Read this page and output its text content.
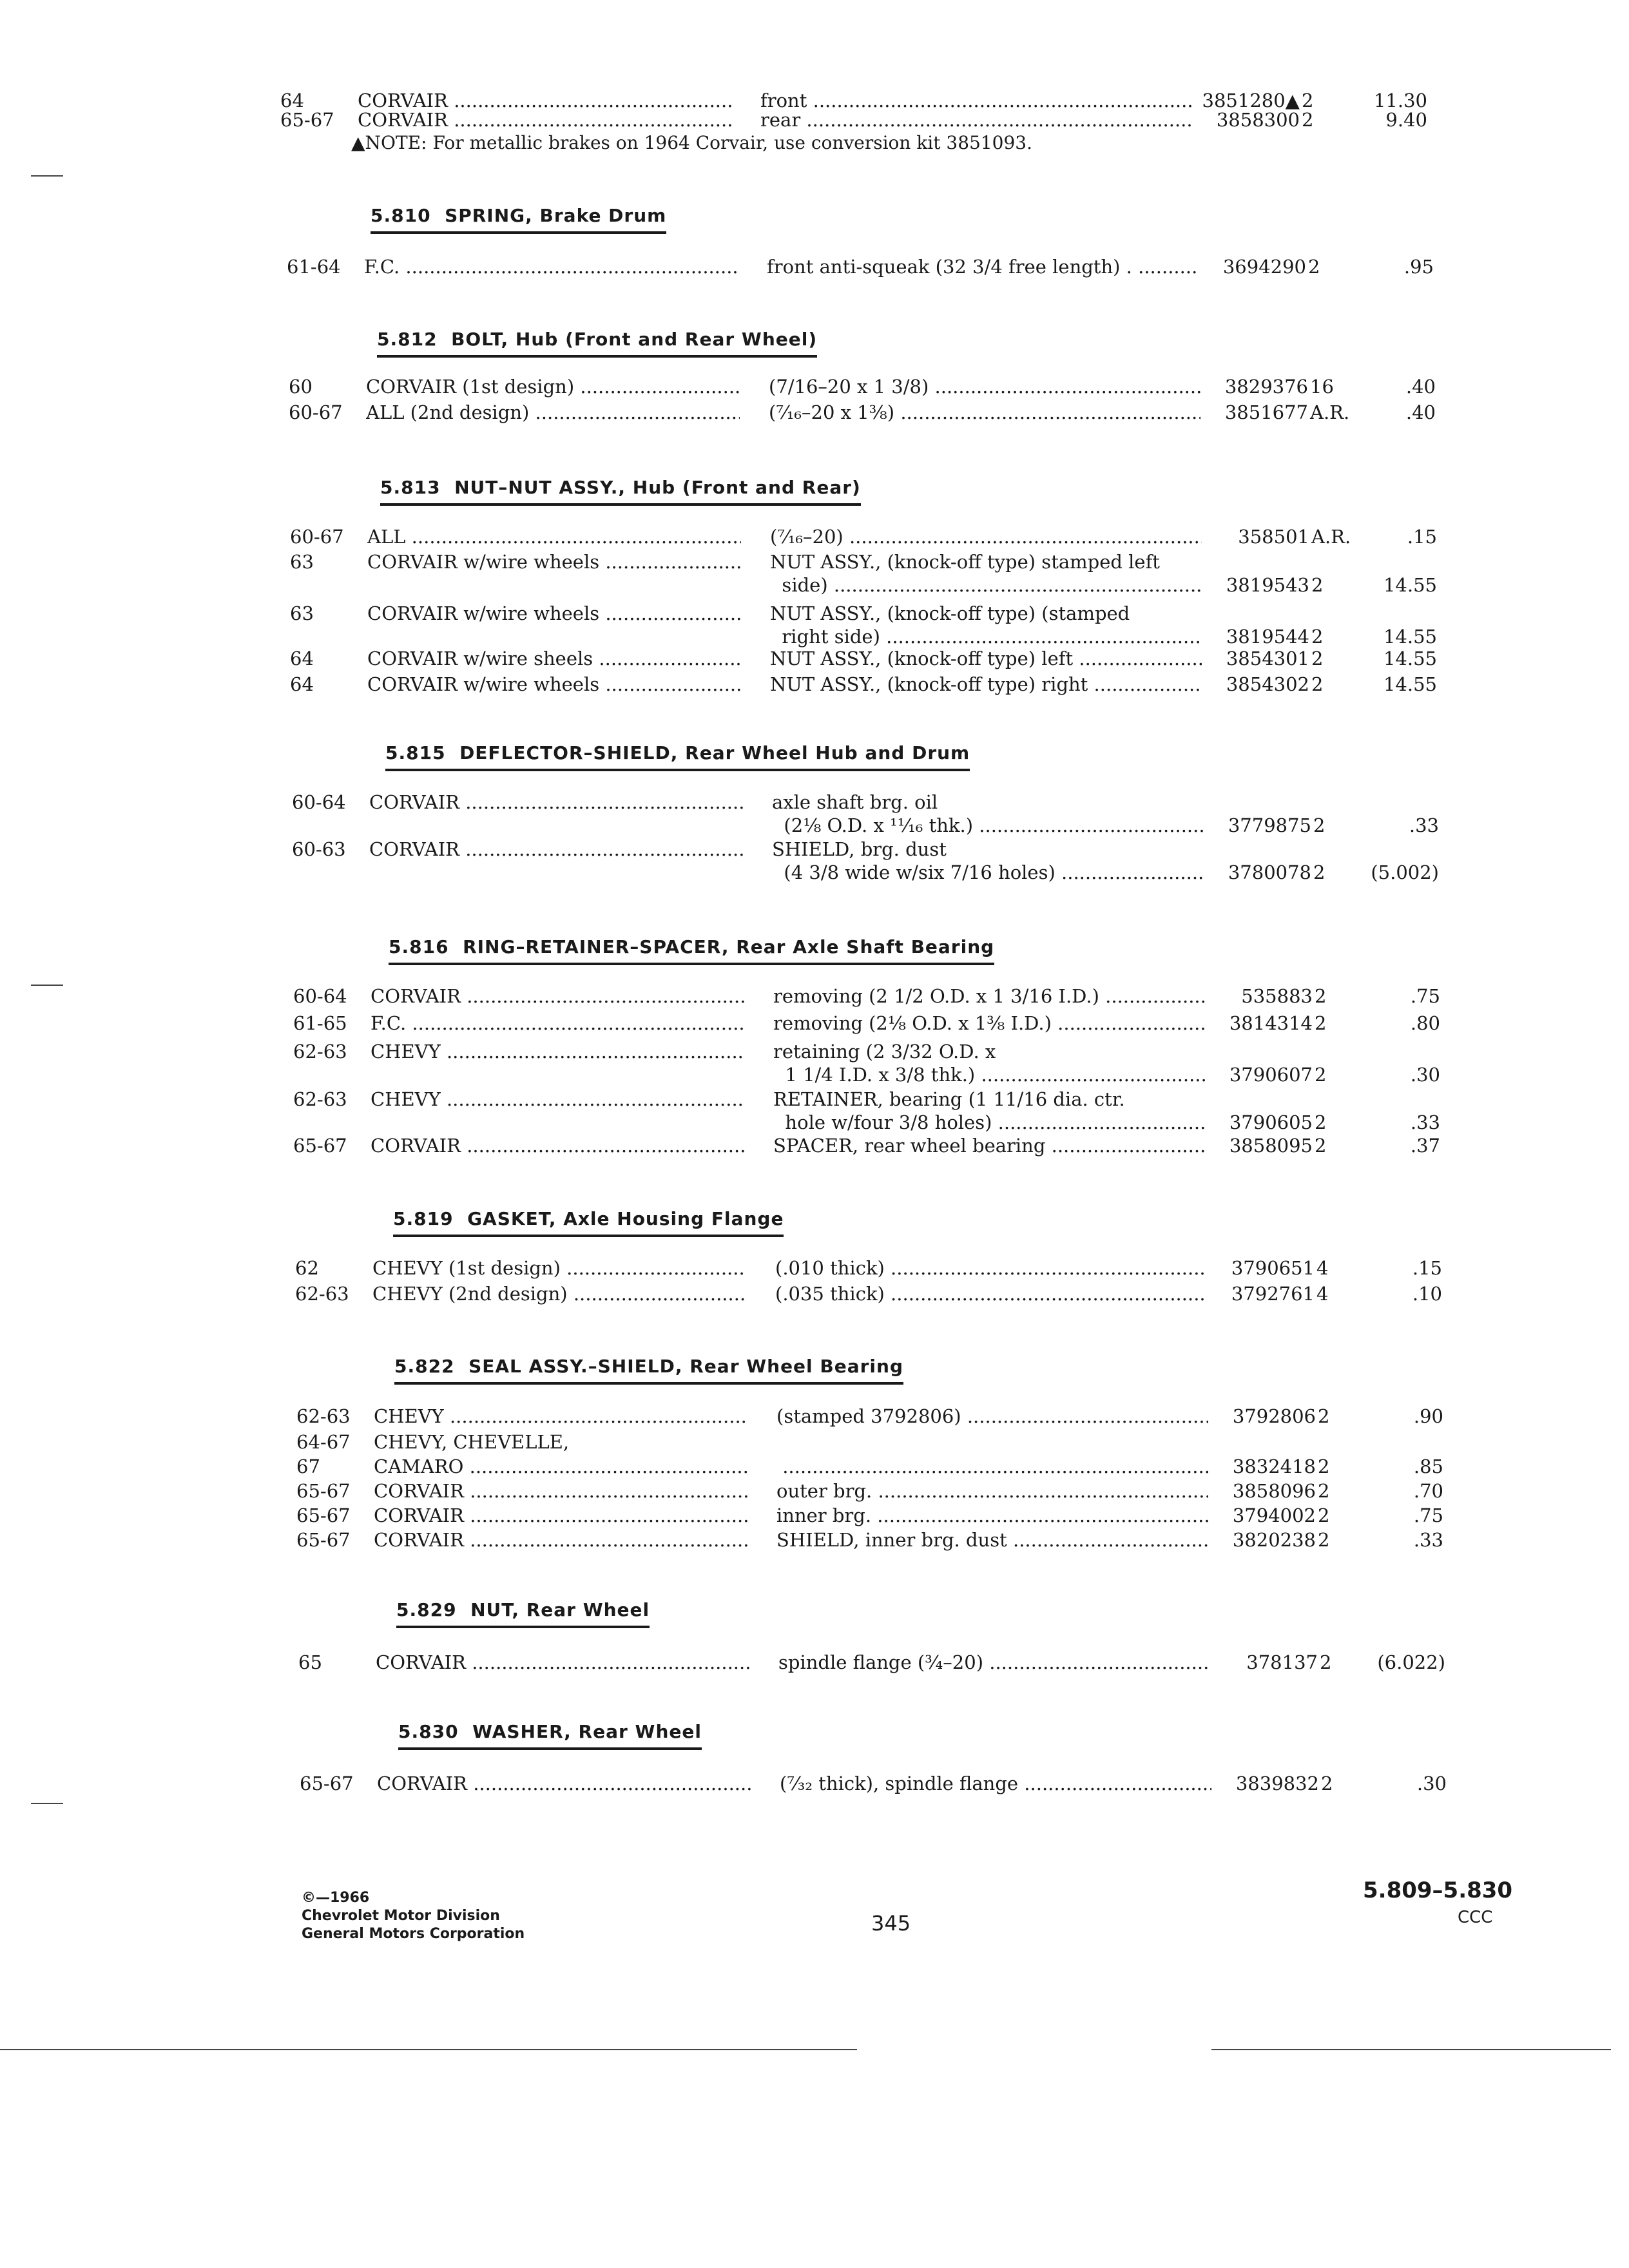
64	CORVAIR .....	front .....	3851280▲ 2	11.30
65-67	CORVAIR .....	rear .....	3858300 2	9.40
▲NOTE: For metallic brakes on 1964 Corvair, use conversion kit 3851093.
5.810  SPRING, Brake Drum
61-64	F.C. .....	front anti-squeak (32 3/4 free length) . .....	3694290 2	.95
5.812  BOLT, Hub (Front and Rear Wheel)
60	CORVAIR (1st design) .....	(7/16–20 x 1 3/8) .....	3829376 16	.40
60-67	ALL (2nd design) .....	(⁷⁄₁₆–20 x 1⅜) .....	3851677 A.R.	.40
5.813  NUT–NUT ASSY., Hub (Front and Rear)
60-67	ALL .....	(⁷⁄₁₆–20) .....	358501 A.R.	.15
63	CORVAIR w/wire wheels .....	NUT ASSY., (knock-off type) stamped left
side) .....	3819543 2	14.55
63	CORVAIR w/wire wheels .....	NUT ASSY., (knock-off type) (stamped
right side) .....	3819544 2	14.55
64	CORVAIR w/wire sheels .....	NUT ASSY., (knock-off type) left .....	3854301 2	14.55
64	CORVAIR w/wire wheels .....	NUT ASSY., (knock-off type) right .....	3854302 2	14.55
5.815  DEFLECTOR–SHIELD, Rear Wheel Hub and Drum
60-64	CORVAIR .....	axle shaft brg. oil
(2⅛ O.D. x ¹¹⁄₁₆ thk.) .....	3779875 2	.33
60-63	CORVAIR .....	SHIELD, brg. dust
(4 3/8 wide w/six 7/16 holes) .....	3780078 2	(5.002)
5.816  RING–RETAINER–SPACER, Rear Axle Shaft Bearing
60-64	CORVAIR .....	removing (2 1/2 O.D. x 1 3/16 I.D.) .....	535883 2	.75
61-65	F.C. .....	removing (2⅛ O.D. x 1⅜ I.D.) .....	3814314 2	.80
62-63	CHEVY .....	retaining (2 3/32 O.D. x
1 1/4 I.D. x 3/8 thk.) .....	3790607 2	.30
62-63	CHEVY .....	RETAINER, bearing (1 11/16 dia. ctr.
hole w/four 3/8 holes) .....	3790605 2	.33
65-67	CORVAIR .....	SPACER, rear wheel bearing .....	3858095 2	.37
5.819  GASKET, Axle Housing Flange
62	CHEVY (1st design) .....	(.010 thick) .....	3790651 4	.15
62-63	CHEVY (2nd design) .....	(.035 thick) .....	3792761 4	.10
5.822  SEAL ASSY.–SHIELD, Rear Wheel Bearing
62-63	CHEVY .....	(stamped 3792806) .....	3792806 2	.90
64-67	CHEVY, CHEVELLE,
67	CAMARO .....
.....	3832418 2	.85
65-67	CORVAIR .....	outer brg. .....	3858096 2	.70
65-67	CORVAIR .....	inner brg. .....	3794002 2	.75
65-67	CORVAIR .....	SHIELD, inner brg. dust .....	3820238 2	.33
5.829  NUT, Rear Wheel
65	CORVAIR .....	spindle flange (¾–20) .....	378137 2	(6.022)
5.830  WASHER, Rear Wheel
65-67	CORVAIR .....	(⁷⁄₃₂ thick), spindle flange .....	3839832 2	.30
©—1966
Chevrolet Motor Division
General Motors Corporation	345
5.809–5.830
CCC
